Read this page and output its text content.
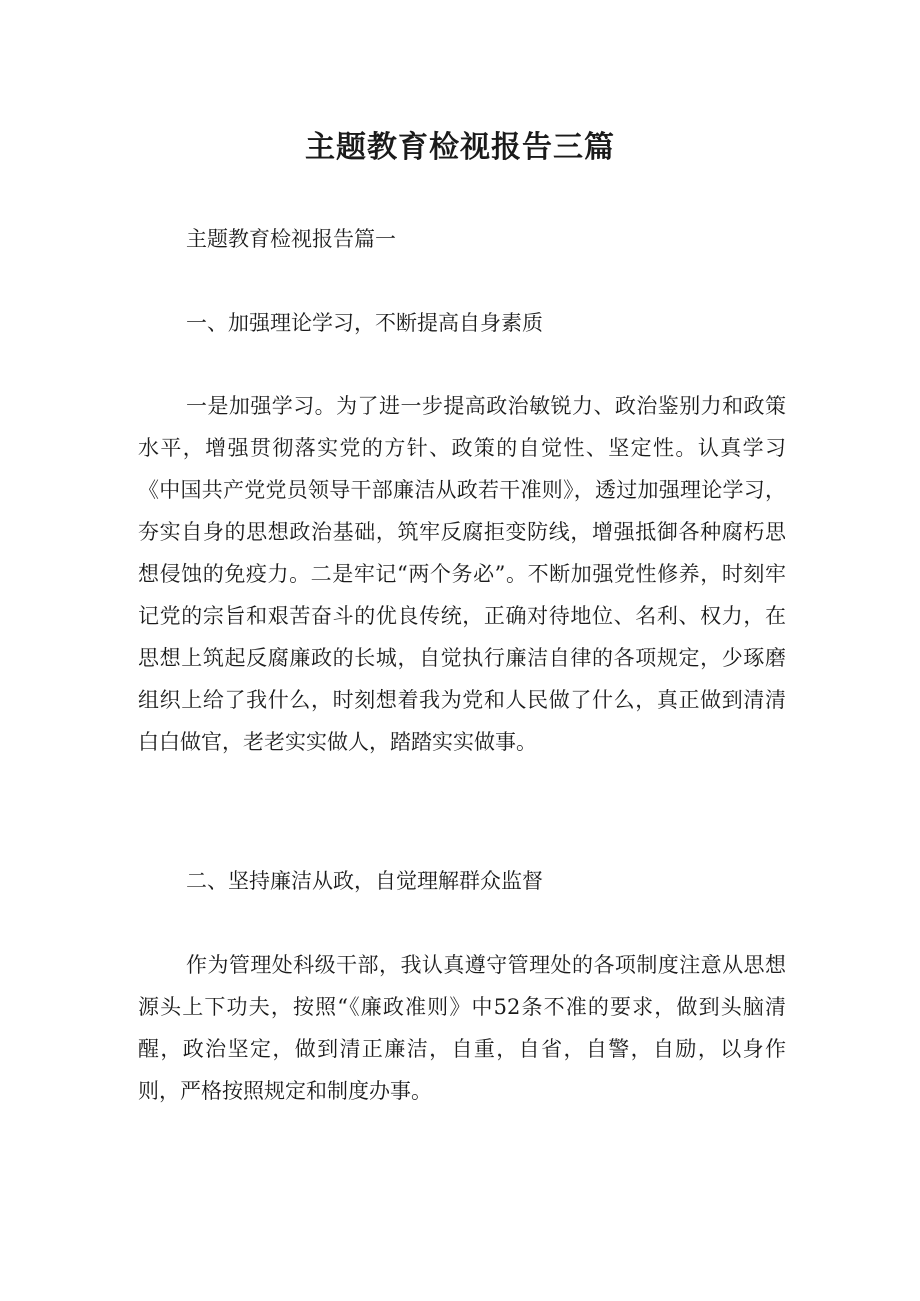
主题教育检视报告三篇

主题教育检视报告篇一

一、加强理论学习，不断提高自身素质

一是加强学习。为了进一步提高政治敏锐力、政治鉴别力和政策水平，增强贯彻落实党的方针、政策的自觉性、坚定性。认真学习《中国共产党党员领导干部廉洁从政若干准则》，透过加强理论学习，夯实自身的思想政治基础，筑牢反腐拒变防线，增强抵御各种腐朽思想侵蚀的免疫力。二是牢记“两个务必”。不断加强党性修养，时刻牢记党的宗旨和艰苦奋斗的优良传统，正确对待地位、名利、权力，在思想上筑起反腐廉政的长城，自觉执行廉洁自律的各项规定，少琢磨组织上给了我什么，时刻想着我为党和人民做了什么，真正做到清清白白做官，老老实实做人，踏踏实实做事。

二、坚持廉洁从政，自觉理解群众监督

作为管理处科级干部，我认真遵守管理处的各项制度注意从思想源头上下功夫，按照“《廉政准则》中52条不准的要求，做到头脑清醒，政治坚定，做到清正廉洁，自重，自省，自警，自励，以身作则，严格按照规定和制度办事。
